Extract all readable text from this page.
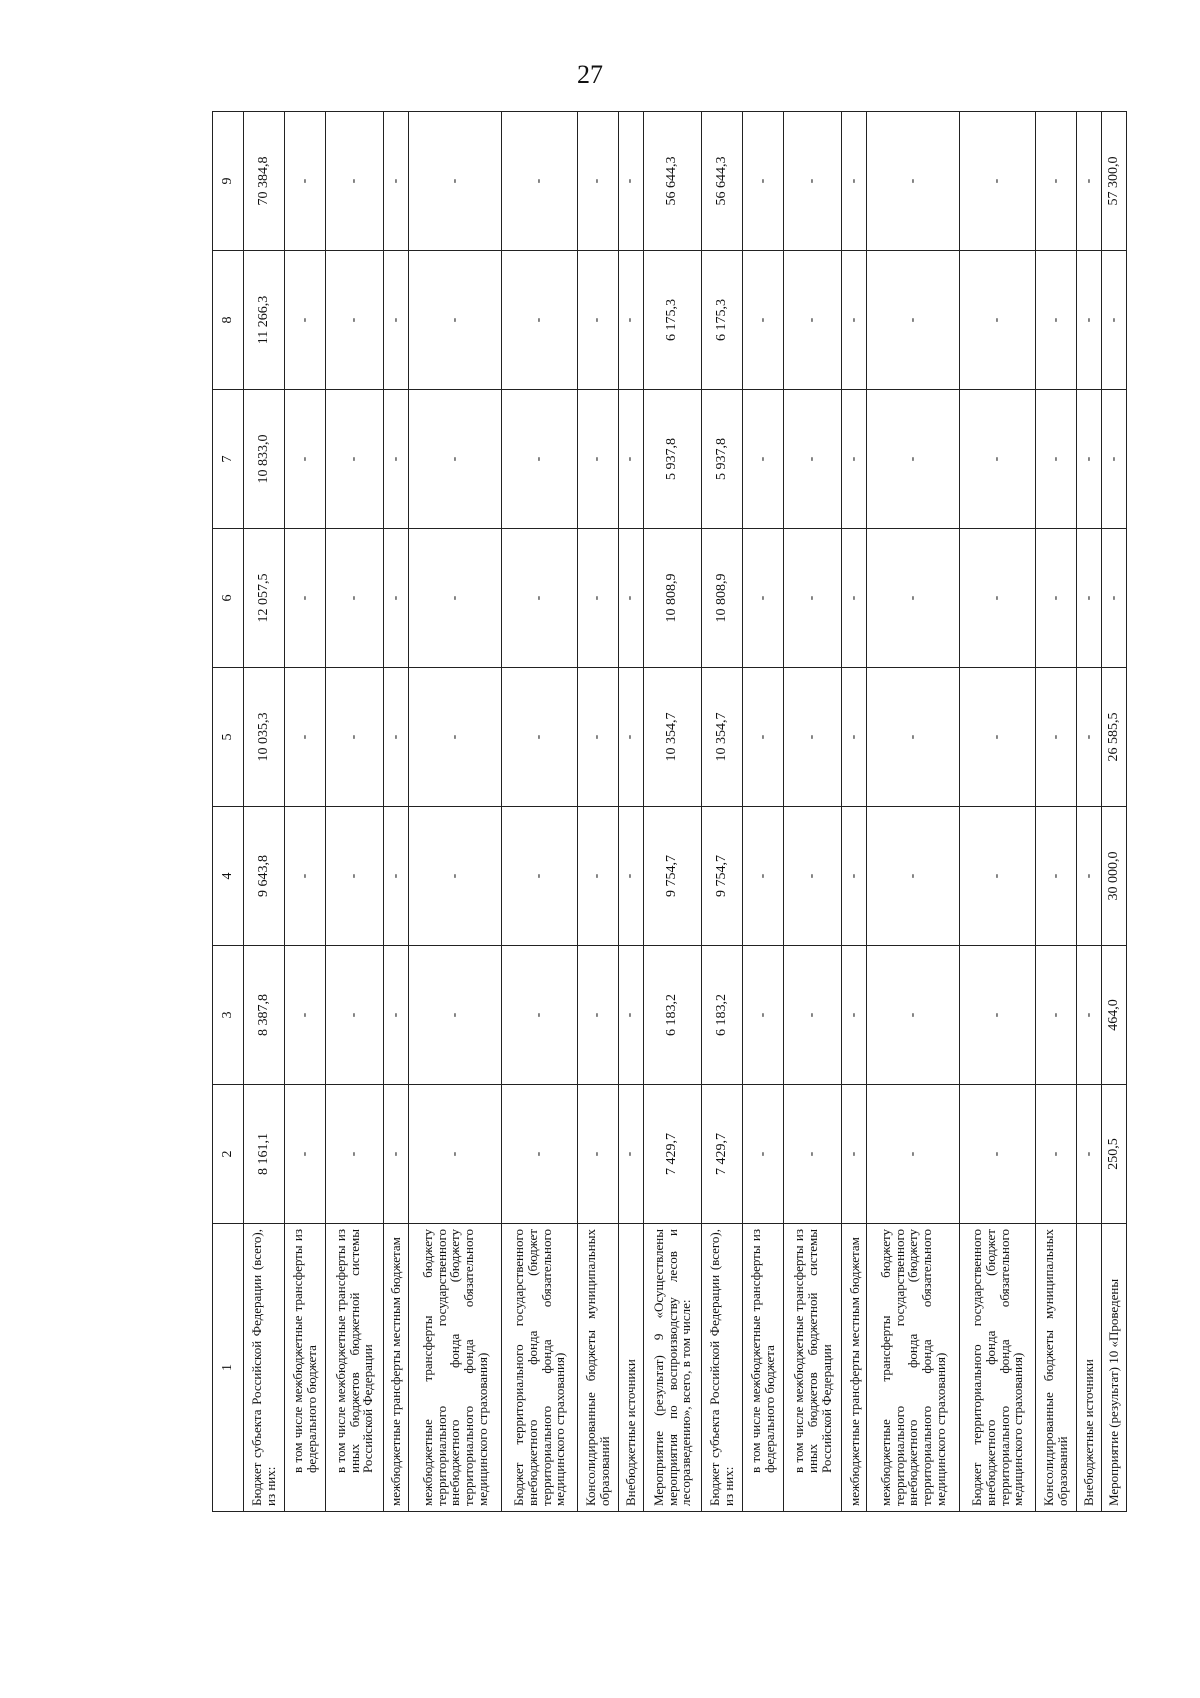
27
1	2	3	4	5	6	7	8	9
Бюджет субъекта Российской Федерации (всего), из них:	8 161,1	8 387,8	9 643,8	10 035,3	12 057,5	10 833,0	11 266,3	70 384,8
в том числе межбюджетные трансферты из федерального бюджета	-	-	-	-	-	-	-	-
в том числе межбюджетные трансферты из иных бюджетов бюджетной системы Российской Федерации	-	-	-	-	-	-	-	-
межбюджетные трансферты местным бюджетам	-	-	-	-	-	-	-	-
межбюджетные трансферты бюджету территориального государственного внебюджетного фонда (бюджету территориального фонда обязательного медицинского страхования)	-	-	-	-	-	-	-	-
Бюджет территориального государственного внебюджетного фонда (бюджет территориального фонда обязательного медицинского страхования)	-	-	-	-	-	-	-	-
Консолидированные бюджеты муниципальных образований	-	-	-	-	-	-	-	-
Внебюджетные источники	-	-	-	-	-	-	-	-
Мероприятие (результат) 9 «Осуществлены мероприятия по воспроизводству лесов и лесоразведению», всего, в том числе:	7 429,7	6 183,2	9 754,7	10 354,7	10 808,9	5 937,8	6 175,3	56 644,3
Бюджет субъекта Российской Федерации (всего), из них:	7 429,7	6 183,2	9 754,7	10 354,7	10 808,9	5 937,8	6 175,3	56 644,3
в том числе межбюджетные трансферты из федерального бюджета	-	-	-	-	-	-	-	-
в том числе межбюджетные трансферты из иных бюджетов бюджетной системы Российской Федерации	-	-	-	-	-	-	-	-
межбюджетные трансферты местным бюджетам	-	-	-	-	-	-	-	-
межбюджетные трансферты бюджету территориального государственного внебюджетного фонда (бюджету территориального фонда обязательного медицинского страхования)	-	-	-	-	-	-	-	-
Бюджет территориального государственного внебюджетного фонда (бюджет территориального фонда обязательного медицинского страхования)	-	-	-	-	-	-	-	-
Консолидированные бюджеты муниципальных образований	-	-	-	-	-	-	-	-
Внебюджетные источники	-	-	-	-	-	-	-	-
Мероприятие (результат) 10 «Проведены	250,5	464,0	30 000,0	26 585,5	-	-	-	57 300,0
